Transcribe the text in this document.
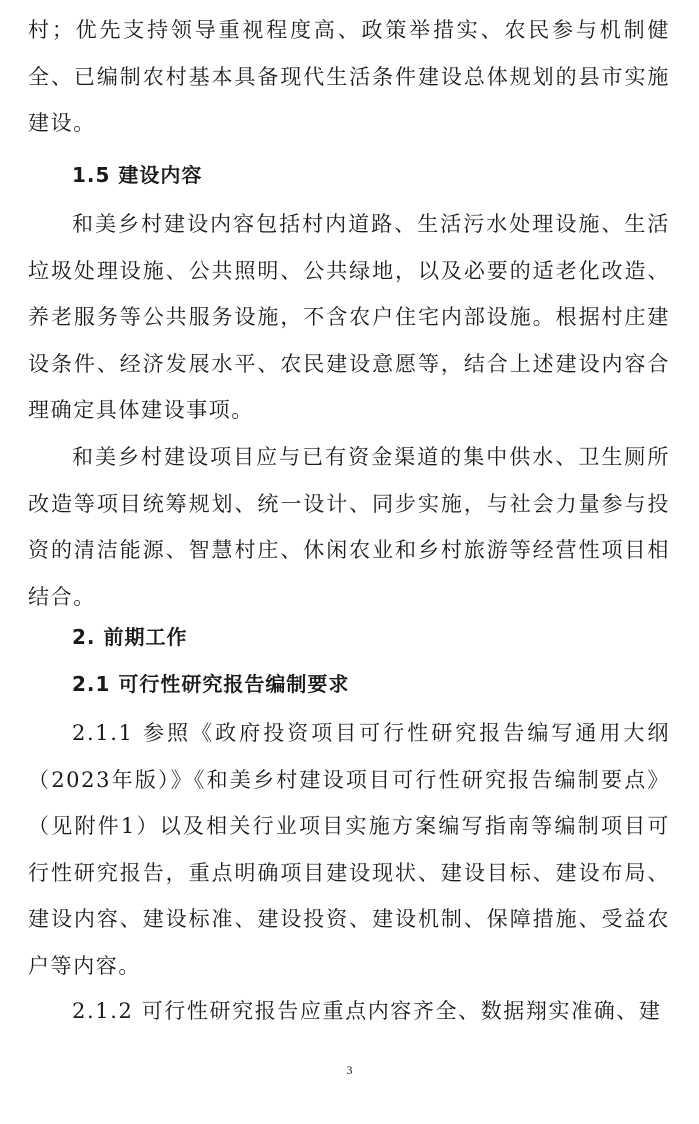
村；优先支持领导重视程度高、政策举措实、农民参与机制健全、已编制农村基本具备现代生活条件建设总体规划的县市实施建设。

1.5 建设内容

和美乡村建设内容包括村内道路、生活污水处理设施、生活垃圾处理设施、公共照明、公共绿地，以及必要的适老化改造、养老服务等公共服务设施，不含农户住宅内部设施。根据村庄建设条件、经济发展水平、农民建设意愿等，结合上述建设内容合理确定具体建设事项。

和美乡村建设项目应与已有资金渠道的集中供水、卫生厕所改造等项目统筹规划、统一设计、同步实施，与社会力量参与投资的清洁能源、智慧村庄、休闲农业和乡村旅游等经营性项目相结合。

2. 前期工作
2.1 可行性研究报告编制要求

2.1.1 参照《政府投资项目可行性研究报告编写通用大纲（2023年版）》《和美乡村建设项目可行性研究报告编制要点》（见附件1）以及相关行业项目实施方案编写指南等编制项目可行性研究报告，重点明确项目建设现状、建设目标、建设布局、建设内容、建设标准、建设投资、建设机制、保障措施、受益农户等内容。

2.1.2 可行性研究报告应重点内容齐全、数据翔实准确、建

3
